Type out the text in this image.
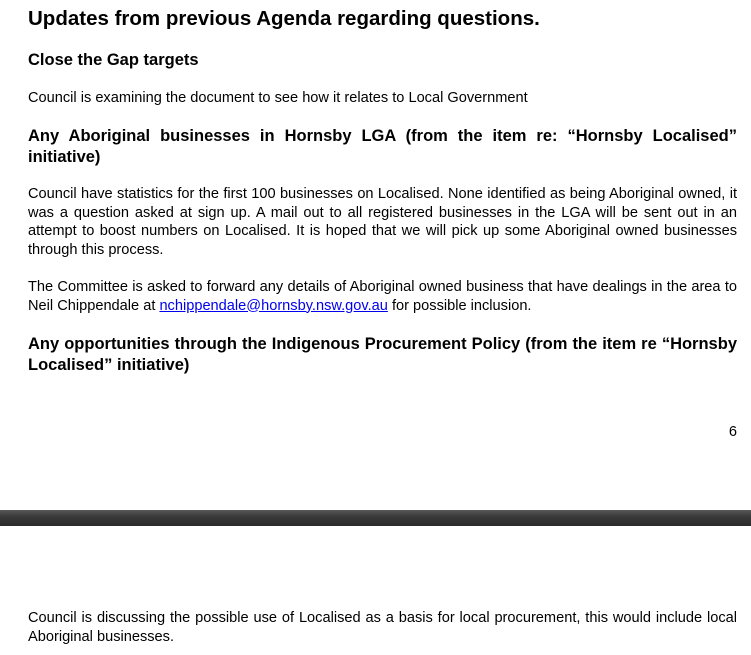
Updates from previous Agenda regarding questions.
Close the Gap targets

Council is examining the document to see how it relates to Local Government

Any Aboriginal businesses in Hornsby LGA (from the item re: “Hornsby Localised” initiative)

Council have statistics for the first 100 businesses on Localised. None identified as being Aboriginal owned, it was a question asked at sign up. A mail out to all registered businesses in the LGA will be sent out in an attempt to boost numbers on Localised. It is hoped that we will pick up some Aboriginal owned businesses through this process.

The Committee is asked to forward any details of Aboriginal owned business that have dealings in the area to Neil Chippendale at nchippendale@hornsby.nsw.gov.au for possible inclusion.

Any opportunities through the Indigenous Procurement Policy (from the item re “Hornsby Localised” initiative)
6

Council is discussing the possible use of Localised as a basis for local procurement, this would include local Aboriginal businesses.
